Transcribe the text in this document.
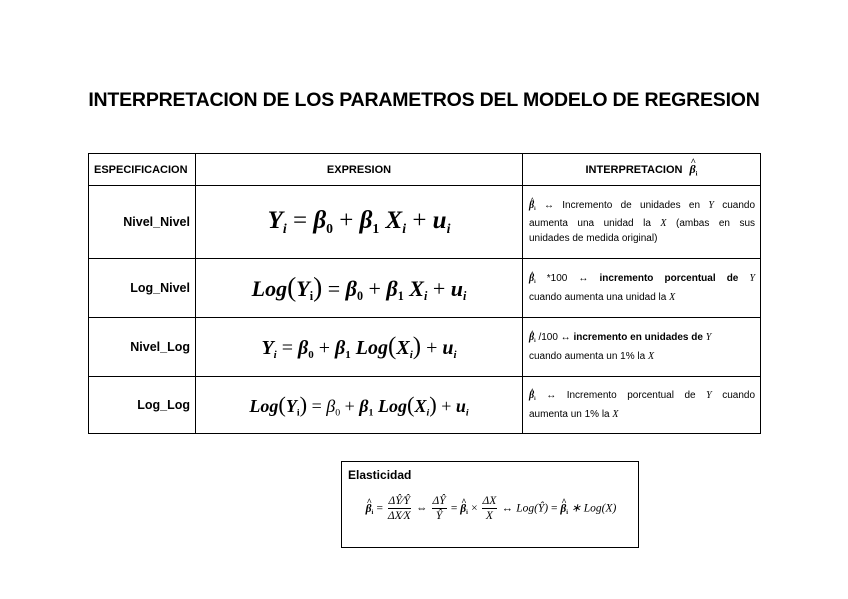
INTERPRETACION DE LOS PARAMETROS DEL MODELO DE REGRESION
ESPECIFICACION	EXPRESION	INTERPRETACION ^ βi
Nivel_Nivel	$Y_i = \beta 0 + \beta 1$ $X_i + u_i$	^ βi ↔ Incremento de unidades en Y cuando aumenta una unidad la X (ambas en sus
unidades de medida original)

Log_Nivel	Log(Yi) = β0 + β1 $X_i + u_i$	^ βi *100 ↔ incremento porcentual de Y
cuando aumenta una unidad la X

Nivel_Log	$Y_i = \beta 0 + \beta 1$ $Log(X_i) + u_i$	^ βi /100 ↔ incremento en unidades de Y
cuando aumenta un 1% la X

Log_Log	Log(Yi) = β0 + β1 $Log(X_i) + u_i$	^ βi ↔ Incremento porcentual de Y cuando
aumenta un 1% la X
Elasticidad
^ $\beta i = \frac{\Delta Ŷ⁄Ŷ}{\Delta X⁄X}$ ⇔ $\frac{\Delta Ŷ}{Ŷ}$ = ^ $\beta i \times \frac{\Delta X}{X}$ ↔ Log(Ŷ) = ^ βi ∗ Log(X)
